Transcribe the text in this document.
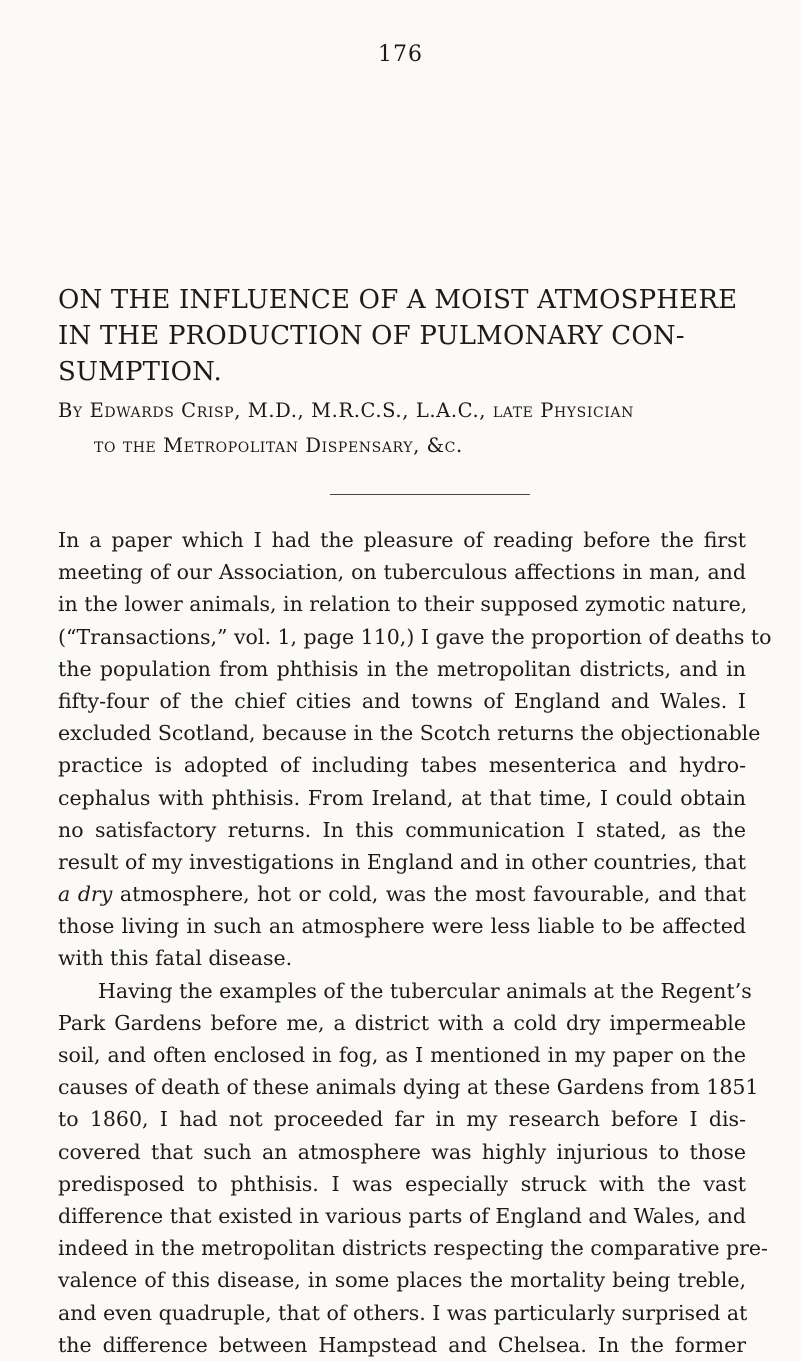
176
ON THE INFLUENCE OF A MOIST ATMOSPHERE
IN THE PRODUCTION OF PULMONARY CON-
SUMPTION.
By Edwards Crisp, M.D., M.R.C.S., L.A.C., late Physician
to the Metropolitan Dispensary, &c.
In a paper which I had the pleasure of reading before the first
meeting of our Association, on tuberculous affections in man, and
in the lower animals, in relation to their supposed zymotic nature,
(“Transactions,” vol. 1, page 110,) I gave the proportion of deaths to
the population from phthisis in the metropolitan districts, and in
fifty-four of the chief cities and towns of England and Wales. I
excluded Scotland, because in the Scotch returns the objectionable
practice is adopted of including tabes mesenterica and hydro-
cephalus with phthisis. From Ireland, at that time, I could obtain
no satisfactory returns. In this communication I stated, as the
result of my investigations in England and in other countries, that
a dry atmosphere, hot or cold, was the most favourable, and that
those living in such an atmosphere were less liable to be affected
with this fatal disease.
Having the examples of the tubercular animals at the Regent’s
Park Gardens before me, a district with a cold dry impermeable
soil, and often enclosed in fog, as I mentioned in my paper on the
causes of death of these animals dying at these Gardens from 1851
to 1860, I had not proceeded far in my research before I dis-
covered that such an atmosphere was highly injurious to those
predisposed to phthisis. I was especially struck with the vast
difference that existed in various parts of England and Wales, and
indeed in the metropolitan districts respecting the comparative pre-
valence of this disease, in some places the mortality being treble,
and even quadruple, that of others. I was particularly surprised at
the difference between Hampstead and Chelsea. In the former
